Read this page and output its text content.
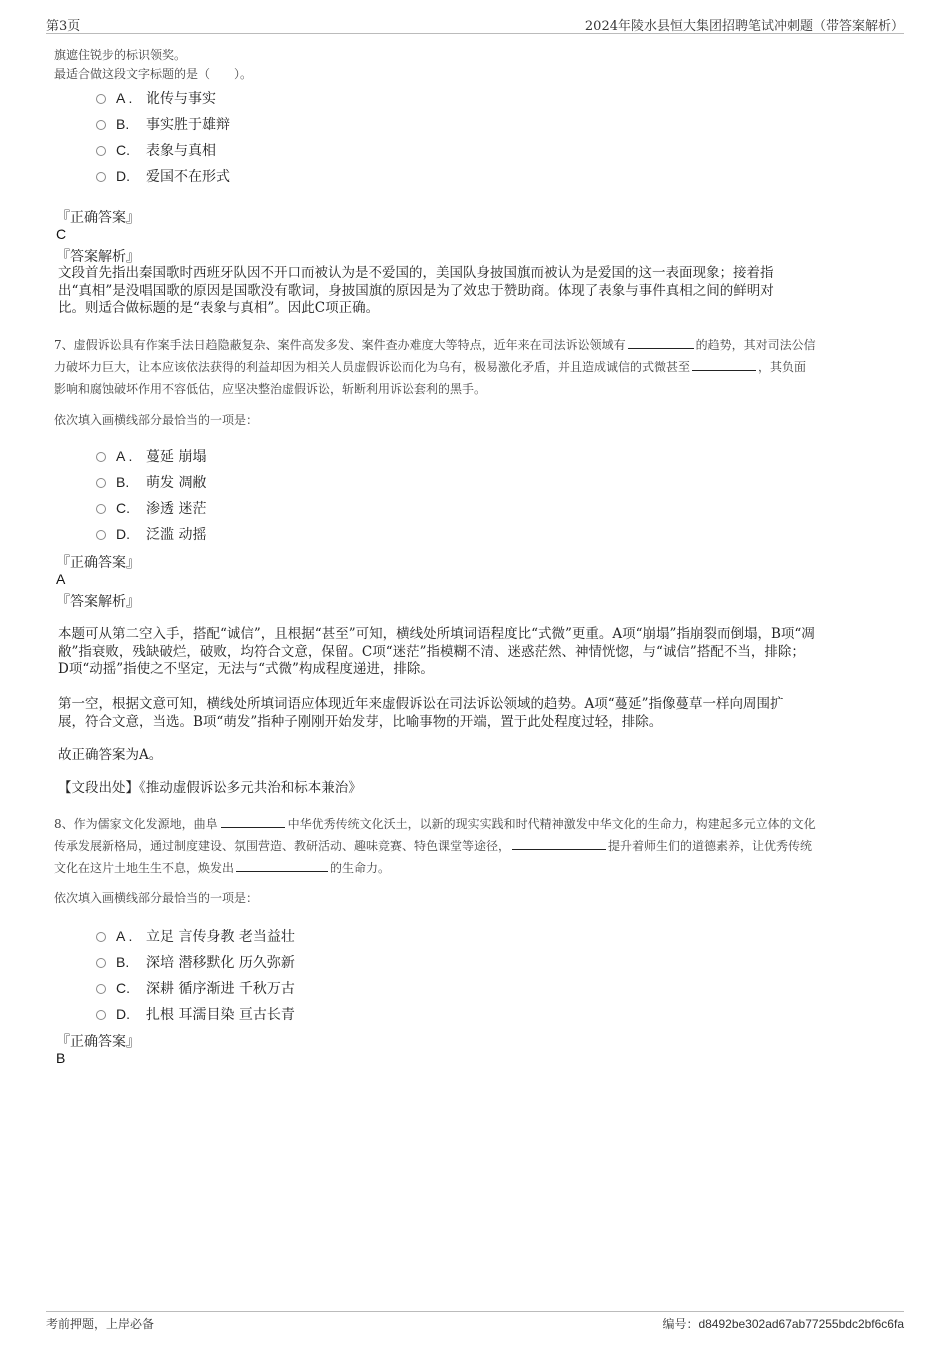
第3页	2024年陵水县恒大集团招聘笔试冲刺题（带答案解析）
旗遮住锐步的标识领奖。
最适合做这段文字标题的是（　　）。
A . 讹传与事实
B. 事实胜于雄辩
C. 表象与真相
D. 爱国不在形式
『正确答案』
C
『答案解析』
文段首先指出秦国歌时西班牙队因不开口而被认为是不爱国的，美国队身披国旗而被认为是爱国的这一表面现象；接着指
出“真相”是没唱国歌的原因是国歌没有歌词，身披国旗的原因是为了效忠于赞助商。体现了表象与事件真相之间的鲜明对
比。则适合做标题的是“表象与真相”。因此C项正确。
7、虚假诉讼具有作案手法日趋隐蔽复杂、案件高发多发、案件查办难度大等特点，近年来在司法诉讼领域有	的趋势，其对司法公信
力破坏力巨大，让本应该依法获得的利益却因为相关人员虚假诉讼而化为乌有，极易激化矛盾，并且造成诚信的式微甚至	，其负面
影响和腐蚀破坏作用不容低估，应坚决整治虚假诉讼，斩断利用诉讼套利的黑手。
依次填入画横线部分最恰当的一项是：
A . 蔓延 崩塌
B. 萌发 凋敝
C. 渗透 迷茫
D. 泛滥 动摇
『正确答案』
A
『答案解析』
本题可从第二空入手，搭配“诚信”，且根据“甚至”可知，横线处所填词语程度比“式微”更重。A项“崩塌”指崩裂而倒塌，B项“凋
敝”指衰败，残缺破烂，破败，均符合文意，保留。C项“迷茫”指模糊不清、迷惑茫然、神情恍惚，与“诚信”搭配不当，排除；
D项“动摇”指使之不坚定，无法与“式微”构成程度递进，排除。
第一空，根据文意可知，横线处所填词语应体现近年来虚假诉讼在司法诉讼领域的趋势。A项“蔓延”指像蔓草一样向周围扩
展，符合文意，当选。B项“萌发”指种子刚刚开始发芽，比喻事物的开端，置于此处程度过轻，排除。
故正确答案为A。
【文段出处】《推动虚假诉讼多元共治和标本兼治》
8、作为儒家文化发源地，曲阜	中华优秀传统文化沃土，以新的现实实践和时代精神激发中华文化的生命力，构建起多元立体的文化
传承发展新格局，通过制度建设、氛围营造、教研活动、趣味竞赛、特色课堂等途径，	提升着师生们的道德素养，让优秀传统
文化在这片土地生生不息，焕发出	的生命力。
依次填入画横线部分最恰当的一项是：
A . 立足 言传身教 老当益壮
B. 深培 潜移默化 历久弥新
C. 深耕 循序渐进 千秋万古
D. 扎根 耳濡目染 亘古长青
『正确答案』
B
考前押题，上岸必备	编号：d8492be302ad67ab77255bdc2bf6c6fa
